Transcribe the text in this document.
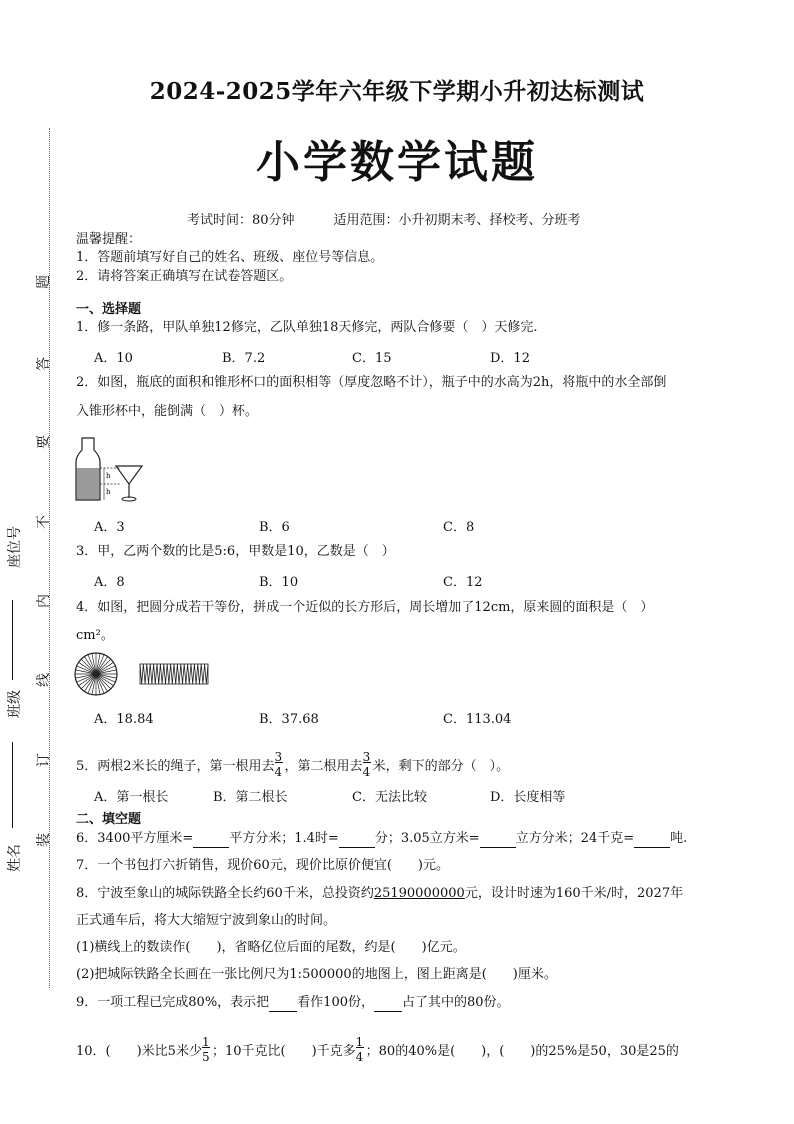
题
答
要
不
内
线
订
装
座位号
班级
姓名
2024-2025学年六年级下学期小升初达标测试
小学数学试题
考试时间：80分钟　　　适用范围：小升初期末考、择校考、分班考
温馨提醒：
1．答题前填写好自己的姓名、班级、座位号等信息。
2．请将答案正确填写在试卷答题区。
一、选择题
1．修一条路，甲队单独12修完，乙队单独18天修完，两队合修要（　）天修完.
A．10	B．7.2	C．15	D．12
2．如图，瓶底的面积和锥形杯口的面积相等（厚度忽略不计），瓶子中的水高为2h，将瓶中的水全部倒
入锥形杯中，能倒满（　）杯。
h
h
A．3	B．6	C．8
3．甲，乙两个数的比是5:6，甲数是10，乙数是（　）
A．8	B．10	C．12
4．如图，把圆分成若干等份，拼成一个近似的长方形后，周长增加了12cm，原来圆的面积是（　）
cm²。
A．18.84	B．37.68	C．113.04
5．两根2米长的绳子，第一根用去
$\frac{3}{4}$
，第二根用去
$\frac{3}{4}$
米，剩下的部分（　）。
A．第一根长	B．第二根长	C．无法比较	D．长度相等
二、填空题
6．3400平方厘米=	平方分米；1.4时=	分；3.05立方米=	立方分米；24千克=	吨.
7．一个书包打六折销售，现价60元，现价比原价便宜(　　)元。
8．宁波至象山的城际铁路全长约60千米，总投资约25190000000元，设计时速为160千米/时，2027年
正式通车后，将大大缩短宁波到象山的时间。
(1)横线上的数读作(　　)，省略亿位后面的尾数，约是(　　)亿元。
(2)把城际铁路全长画在一张比例尺为1:500000的地图上，图上距离是(　　)厘米。
9．一项工程已完成80%，表示把 看作100份， 占了其中的80份。
10．(　　)米比5米少
$\frac{1}{5}$
；10千克比(　　)千克多
$\frac{1}{4}$
；80的40%是(　　)，(　　)的25%是50，30是25的
